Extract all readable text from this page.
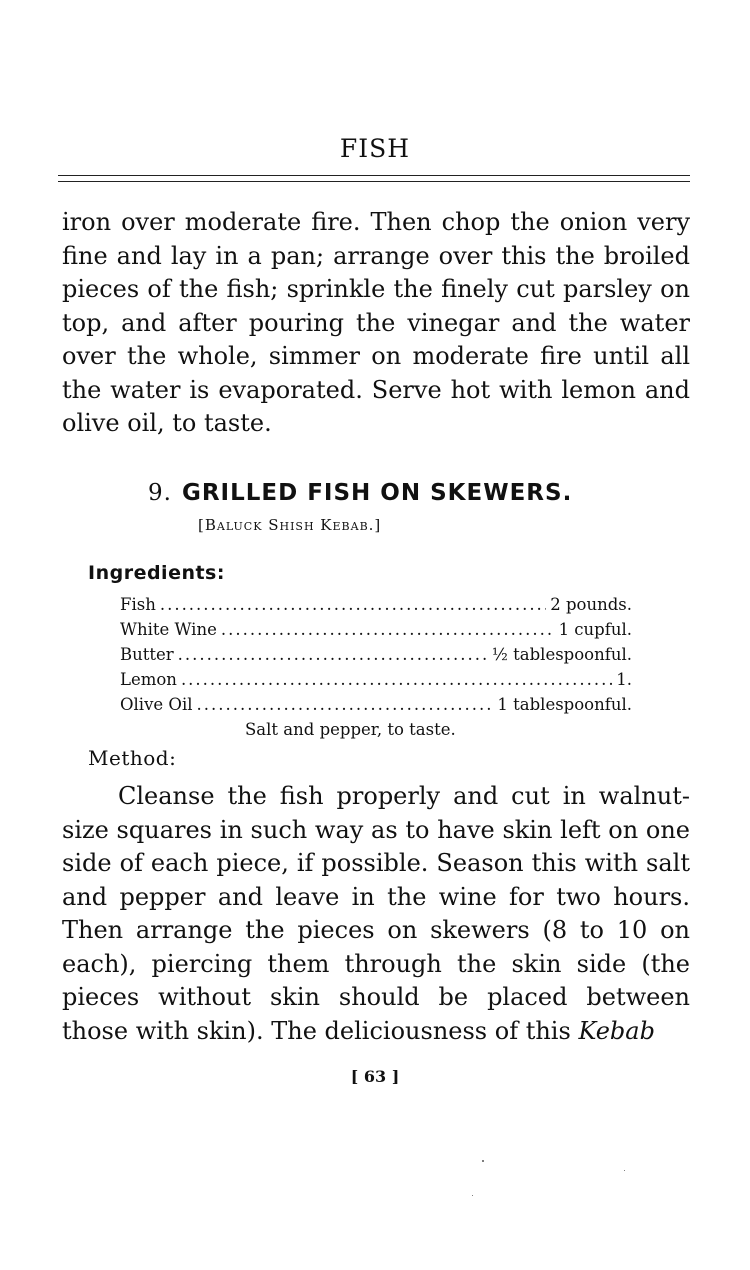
FISH

iron over moderate fire. Then chop the onion very fine and lay in a pan; arrange over this the broiled pieces of the fish; sprinkle the finely cut parsley on top, and after pouring the vinegar and the water over the whole, simmer on moderate fire until all the water is evaporated. Serve hot with lemon and olive oil, to taste.

9. GRILLED FISH ON SKEWERS.
[Baluck Shish Kebab.]
Ingredients:
Fish .....	2 pounds.
White Wine .....	1 cupful.
Butter .....	½ tablespoonful.
Lemon .....	1.
Olive Oil .....	1 tablespoonful.
Salt and pepper, to taste.
Method:

Cleanse the fish properly and cut in walnut-size squares in such way as to have skin left on one side of each piece, if possible. Season this with salt and pepper and leave in the wine for two hours. Then arrange the pieces on skewers (8 to 10 on each), piercing them through the skin side (the pieces without skin should be placed between those with skin). The deliciousness of this Kebab

[ 63 ]
